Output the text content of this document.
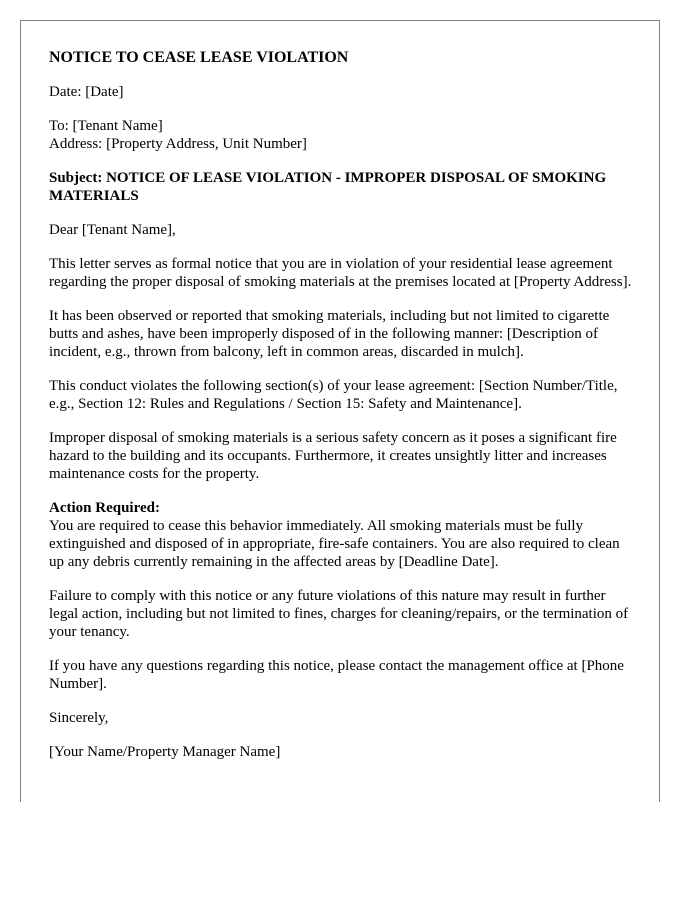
NOTICE TO CEASE LEASE VIOLATION

Date: [Date]

To: [Tenant Name]
Address: [Property Address, Unit Number]

Subject: NOTICE OF LEASE VIOLATION - IMPROPER DISPOSAL OF SMOKING MATERIALS

Dear [Tenant Name],

This letter serves as formal notice that you are in violation of your residential lease agreement regarding the proper disposal of smoking materials at the premises located at [Property Address].

It has been observed or reported that smoking materials, including but not limited to cigarette butts and ashes, have been improperly disposed of in the following manner: [Description of incident, e.g., thrown from balcony, left in common areas, discarded in mulch].

This conduct violates the following section(s) of your lease agreement: [Section Number/Title, e.g., Section 12: Rules and Regulations / Section 15: Safety and Maintenance].

Improper disposal of smoking materials is a serious safety concern as it poses a significant fire hazard to the building and its occupants. Furthermore, it creates unsightly litter and increases maintenance costs for the property.

Action Required:
You are required to cease this behavior immediately. All smoking materials must be fully extinguished and disposed of in appropriate, fire-safe containers. You are also required to clean up any debris currently remaining in the affected areas by [Deadline Date].

Failure to comply with this notice or any future violations of this nature may result in further legal action, including but not limited to fines, charges for cleaning/repairs, or the termination of your tenancy.

If you have any questions regarding this notice, please contact the management office at [Phone Number].

Sincerely,

[Your Name/Property Manager Name]
